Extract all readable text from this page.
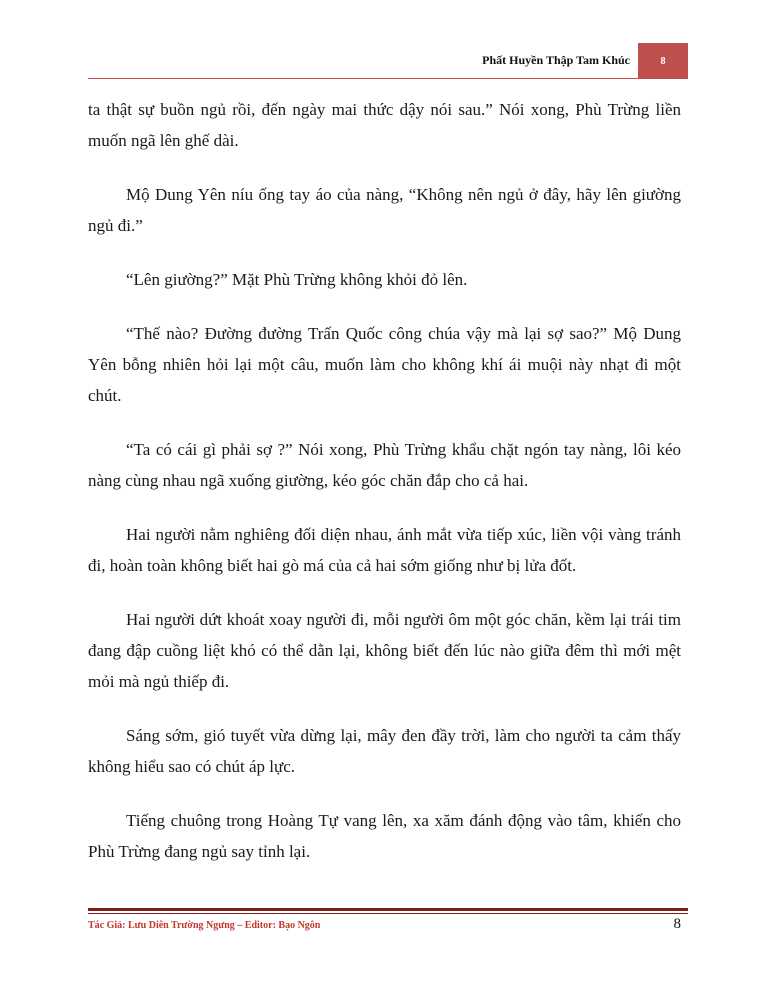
Phất Huyền Thập Tam Khúc	8

ta thật sự buồn ngủ rồi, đến ngày mai thức dậy nói sau.” Nói xong, Phù Trừng liền muốn ngã lên ghế dài.

Mộ Dung Yên níu ống tay áo của nàng, “Không nên ngủ ở đây, hãy lên giường ngủ đi.”

“Lên giường?” Mặt Phù Trừng không khỏi đỏ lên.

“Thế nào? Đường đường Trấn Quốc công chúa vậy mà lại sợ sao?” Mộ Dung Yên bỗng nhiên hỏi lại một câu, muốn làm cho không khí ái muội này nhạt đi một chút.

“Ta có cái gì phải sợ ?” Nói xong, Phù Trừng khẩu chặt ngón tay nàng, lôi kéo nàng cùng nhau ngã xuống giường, kéo góc chăn đắp cho cả hai.

Hai người nằm nghiêng đối diện nhau, ánh mắt vừa tiếp xúc, liền vội vàng tránh đi, hoàn toàn không biết hai gò má của cả hai sớm giống như bị lửa đốt.

Hai người dứt khoát xoay người đi, mỗi người ôm một góc chăn, kềm lại trái tim đang đập cuồng liệt khó có thể dằn lại, không biết đến lúc nào giữa đêm thì mới mệt mỏi mà ngủ thiếp đi.

Sáng sớm, gió tuyết vừa dừng lại, mây đen đầy trời, làm cho người ta cảm thấy không hiểu sao có chút áp lực.

Tiếng chuông trong Hoàng Tự vang lên, xa xăm đánh động vào tâm, khiến cho Phù Trừng đang ngủ say tỉnh lại.

Tác Giả: Lưu Diên Trường Ngưng – Editor: Bạo Ngôn	8
